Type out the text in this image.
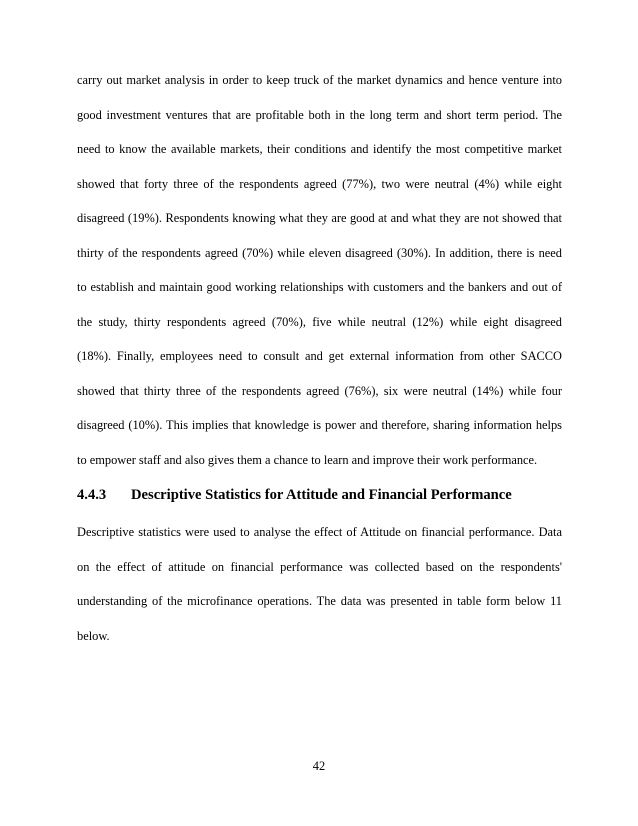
carry out market analysis in order to keep truck of the market dynamics and hence venture into
good investment ventures that are profitable both in the long term and short term period. The
need to know the available markets, their conditions and identify the most competitive market
showed that forty three of the respondents agreed (77%), two were neutral (4%) while eight
disagreed (19%). Respondents knowing what they are good at and what they are not showed that
thirty of the respondents agreed (70%) while eleven disagreed (30%). In addition, there is need
to establish and maintain good working relationships with customers and the bankers and out of
the study, thirty respondents agreed (70%), five while neutral (12%) while eight disagreed
(18%). Finally, employees need to consult and get external information from other SACCO
showed that thirty three of the respondents agreed (76%), six were neutral (14%) while four
disagreed (10%). This implies that knowledge is power and therefore, sharing information helps
to empower staff and also gives them a chance to learn and improve their work performance.
4.4.3 Descriptive Statistics for Attitude and Financial Performance
Descriptive statistics were used to analyse the effect of Attitude on financial performance. Data
on the effect of attitude on financial performance was collected based on the respondents'
understanding of the microfinance operations. The data was presented in table form below 11
below.
42
